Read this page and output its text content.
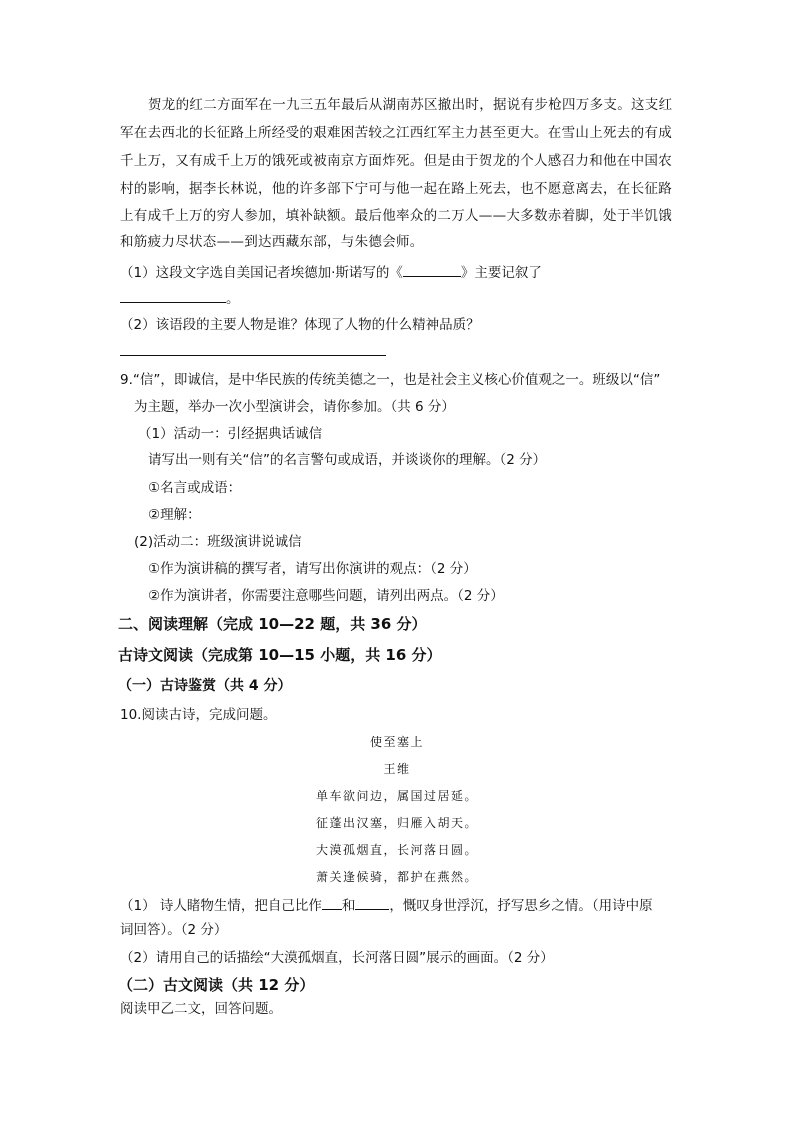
贺龙的红二方面军在一九三五年最后从湖南苏区撤出时，据说有步枪四万多支。这支红
军在去西北的长征路上所经受的艰难困苦较之江西红军主力甚至更大。在雪山上死去的有成
千上万，又有成千上万的饿死或被南京方面炸死。但是由于贺龙的个人感召力和他在中国农
村的影响，据李长林说，他的许多部下宁可与他一起在路上死去，也不愿意离去，在长征路
上有成千上万的穷人参加，填补缺额。最后他率众的二万人——大多数赤着脚，处于半饥饿
和筋疲力尽状态——到达西藏东部，与朱德会师。
（1）这段文字选自美国记者埃德加·斯诺写的《	》主要记叙了
。
（2）该语段的主要人物是谁？体现了人物的什么精神品质？
9.“信”，即诚信，是中华民族的传统美德之一，也是社会主义核心价值观之一。班级以“信”
为主题，举办一次小型演讲会，请你参加。（共 6 分）
（1）活动一：引经据典话诚信
请写出一则有关“信”的名言警句或成语，并谈谈你的理解。（2 分）
①名言或成语：
②理解：
(2)活动二：班级演讲说诚信
①作为演讲稿的撰写者，请写出你演讲的观点：（2 分）
②作为演讲者，你需要注意哪些问题，请列出两点。（2 分）
二、阅读理解（完成 10—22 题，共 36 分）
古诗文阅读（完成第 10—15 小题，共 16 分）
（一）古诗鉴赏（共 4 分）
10.阅读古诗，完成问题。
使至塞上
王维
单车欲问边，属国过居延。
征蓬出汉塞，归雁入胡天。
大漠孤烟直，长河落日圆。
萧关逢候骑，都护在燕然。
（1） 诗人睹物生情，把自己比作 和	，慨叹身世浮沉，抒写思乡之情。（用诗中原
词回答）。（2 分）
（2）请用自己的话描绘“大漠孤烟直，长河落日圆”展示的画面。（2 分）
（二）古文阅读（共 12 分）
阅读甲乙二文，回答问题。
